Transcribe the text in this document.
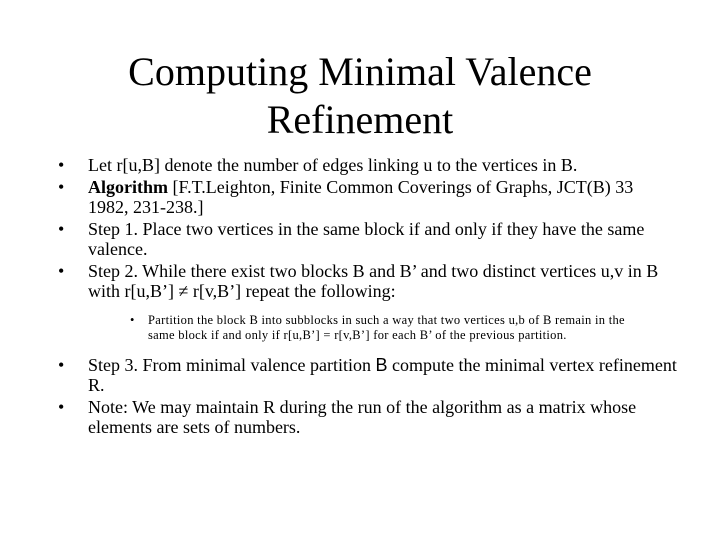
Computing Minimal Valence
Refinement
•	Let r[u,B] denote the number of edges linking u to the vertices in B.
•	Algorithm [F.T.Leighton, Finite Common Coverings of Graphs, JCT(B) 33 1982, 231-238.]
•	Step 1. Place two vertices in the same block if and only if they have the same valence.
•	Step 2. While there exist two blocks B and B’ and two distinct vertices u,v in B with r[u,B’] ≠ r[v,B’] repeat the following:
•	Partition the block B into subblocks in such a way that two vertices u,b of B remain in the same block if and only if r[u,B’] = r[v,B’] for each B’ of the previous partition.
•	Step 3. From minimal valence partition B compute the minimal vertex refinement R.
•	Note: We may maintain R during the run of the algorithm as a matrix whose elements are sets of numbers.
